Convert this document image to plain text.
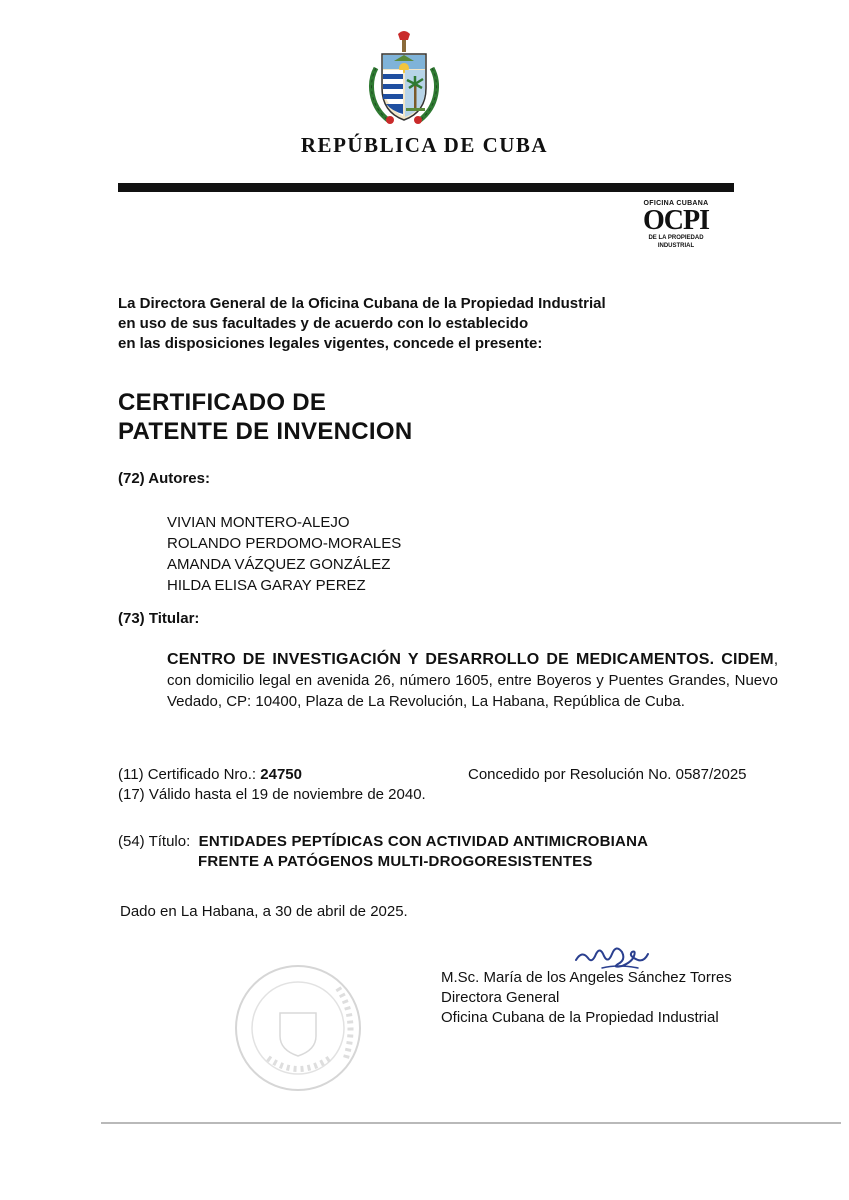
REPÚBLICA DE CUBA
OFICINA CUBANA
OCPI
DE LA PROPIEDAD INDUSTRIAL
La Directora General de la Oficina Cubana de la Propiedad Industrial
en uso de sus facultades y de acuerdo con lo establecido
en las disposiciones legales vigentes, concede el presente:
CERTIFICADO DE
PATENTE DE INVENCION
(72) Autores:
VIVIAN MONTERO-ALEJO
ROLANDO PERDOMO-MORALES
AMANDA VÁZQUEZ GONZÁLEZ
HILDA ELISA GARAY PEREZ
(73) Titular:
CENTRO DE INVESTIGACIÓN Y DESARROLLO DE MEDICAMENTOS. CIDEM, con domicilio legal en avenida 26, número 1605, entre Boyeros y Puentes Grandes, Nuevo Vedado, CP: 10400, Plaza de La Revolución, La Habana, República de Cuba.
(11) Certificado Nro.: 24750	Concedido por Resolución No. 0587/2025
(17) Válido hasta el 19 de noviembre de 2040.
(54) Título: ENTIDADES PEPTÍDICAS CON ACTIVIDAD ANTIMICROBIANA
FRENTE A PATÓGENOS MULTI-DROGORESISTENTES
Dado en La Habana, a 30 de abril de 2025.
M.Sc. María de los Angeles Sánchez Torres
Directora General
Oficina Cubana de la Propiedad Industrial
